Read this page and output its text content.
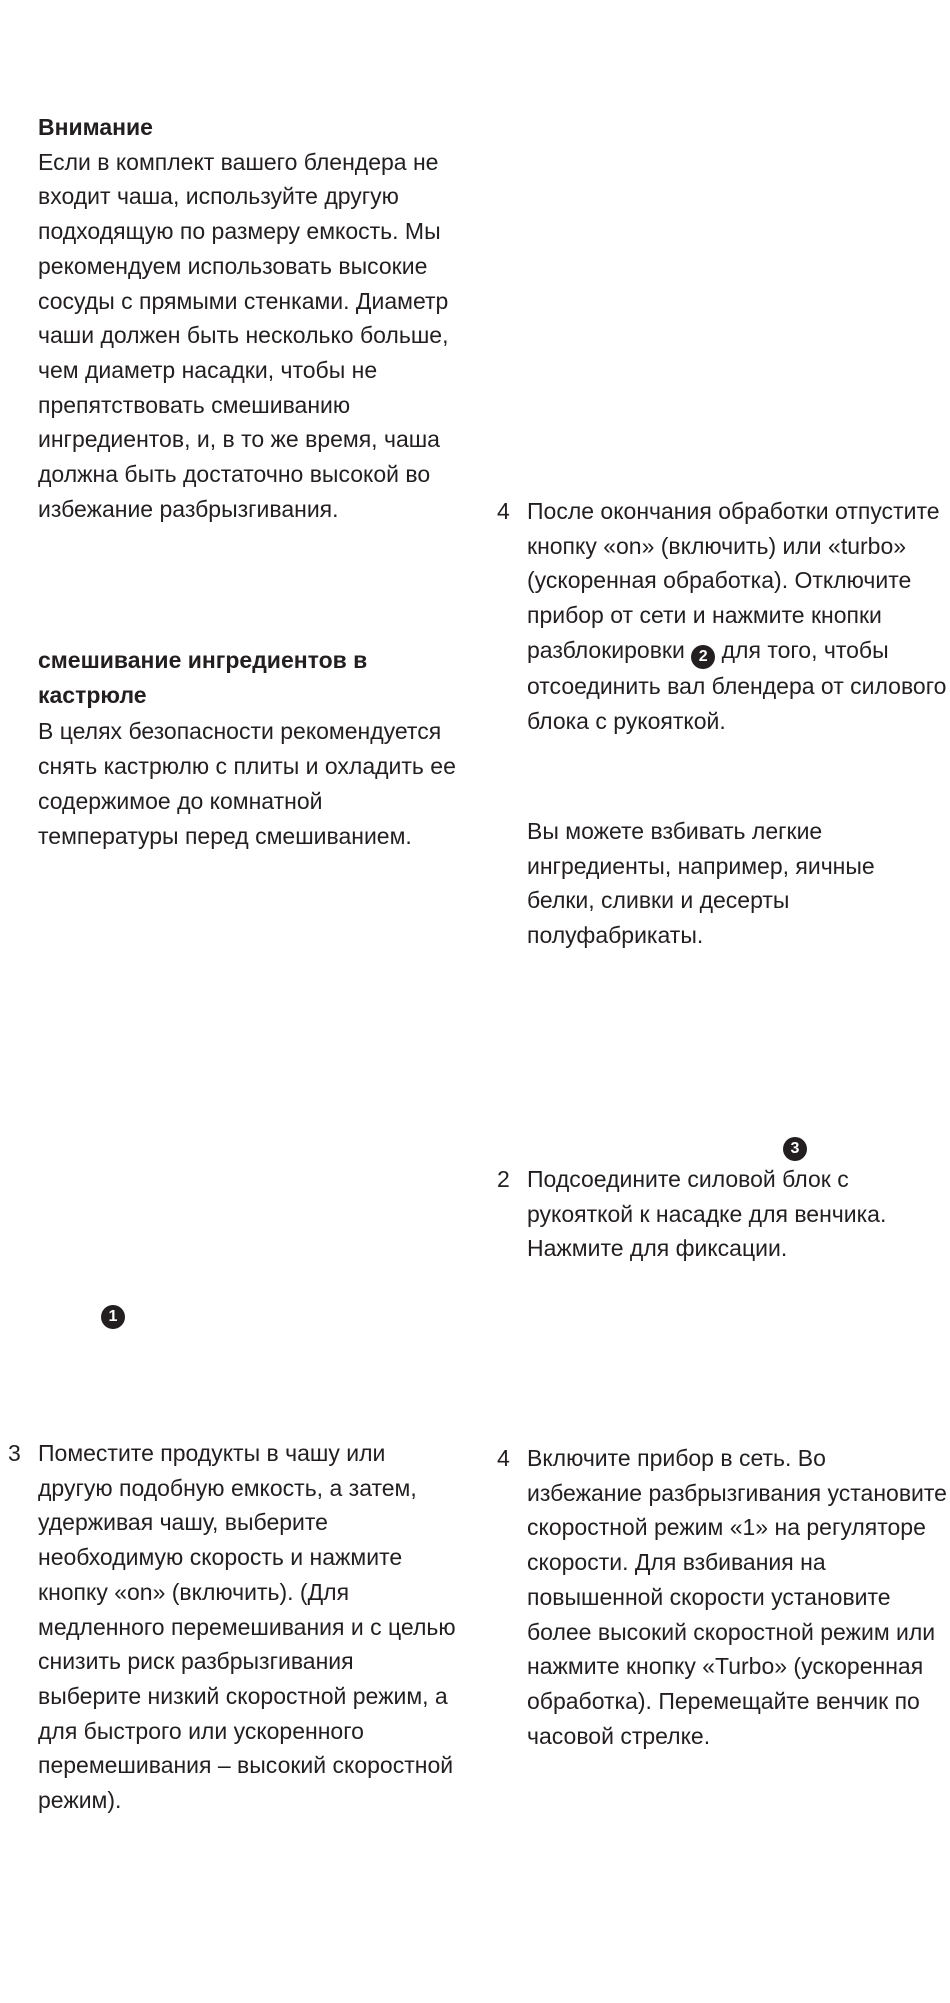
Внимание

Если в комплект вашего блендера не входит чаша, используйте другую подходящую по размеру емкость. Мы рекомендуем использовать высокие сосуды с прямыми стенками. Диаметр чаши должен быть несколько больше, чем диаметр насадки, чтобы не препятствовать смешиванию ингредиентов, и, в то же время, чаша должна быть достаточно высокой во избежание разбрызгивания.

смешивание ингредиентов в кастрюле

В целях безопасности рекомендуется снять кастрюлю с плиты и охладить ее содержимое до комнатной температуры перед смешиванием.

1
3 Поместите продукты в чашу или другую подобную емкость, а затем, удерживая чашу, выберите необходимую скорость и нажмите кнопку «on» (включить). (Для медленного перемешивания и с целью снизить риск разбрызгивания выберите низкий скоростной режим, а для быстрого или ускоренного перемешивания – высокий скоростной режим).

4 После окончания обработки отпустите кнопку «on» (включить) или «turbo» (ускоренная обработка). Отключите прибор от сети и нажмите кнопки разблокировки 2 для того, чтобы отсоединить вал блендера от силового блока с рукояткой.

Вы можете взбивать легкие ингредиенты, например, яичные белки, сливки и десерты полуфабрикаты.

3
2 Подсоедините силовой блок с рукояткой к насадке для венчика. Нажмите для фиксации.

4 Включите прибор в сеть. Во избежание разбрызгивания установите скоростной режим «1» на регуляторе скорости. Для взбивания на повышенной скорости установите более высокий скоростной режим или нажмите кнопку «Turbo» (ускоренная обработка). Перемещайте венчик по часовой стрелке.
